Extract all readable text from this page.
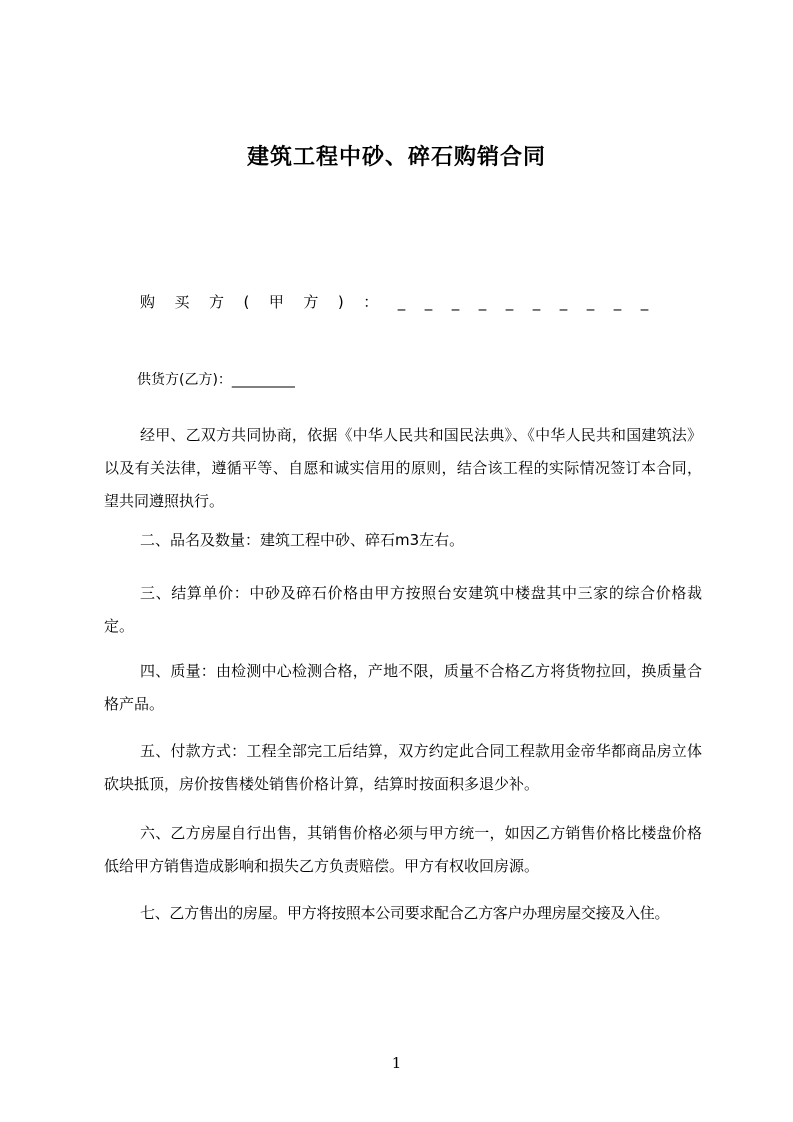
建筑工程中砂、碎石购销合同
购买方(甲方)：__________
供货方(乙方)：_________
经甲、乙双方共同协商，依据《中华人民共和国民法典》、《中华人民共和国建筑法》以及有关法律，遵循平等、自愿和诚实信用的原则，结合该工程的实际情况签订本合同，望共同遵照执行。
二、品名及数量：建筑工程中砂、碎石m3左右。
三、结算单价：中砂及碎石价格由甲方按照台安建筑中楼盘其中三家的综合价格裁定。
四、质量：由检测中心检测合格，产地不限，质量不合格乙方将货物拉回，换质量合格产品。
五、付款方式：工程全部完工后结算，双方约定此合同工程款用金帝华都商品房立体砍块抵顶，房价按售楼处销售价格计算，结算时按面积多退少补。
六、乙方房屋自行出售，其销售价格必须与甲方统一，如因乙方销售价格比楼盘价格低给甲方销售造成影响和损失乙方负责赔偿。甲方有权收回房源。
七、乙方售出的房屋。甲方将按照本公司要求配合乙方客户办理房屋交接及入住。
1
